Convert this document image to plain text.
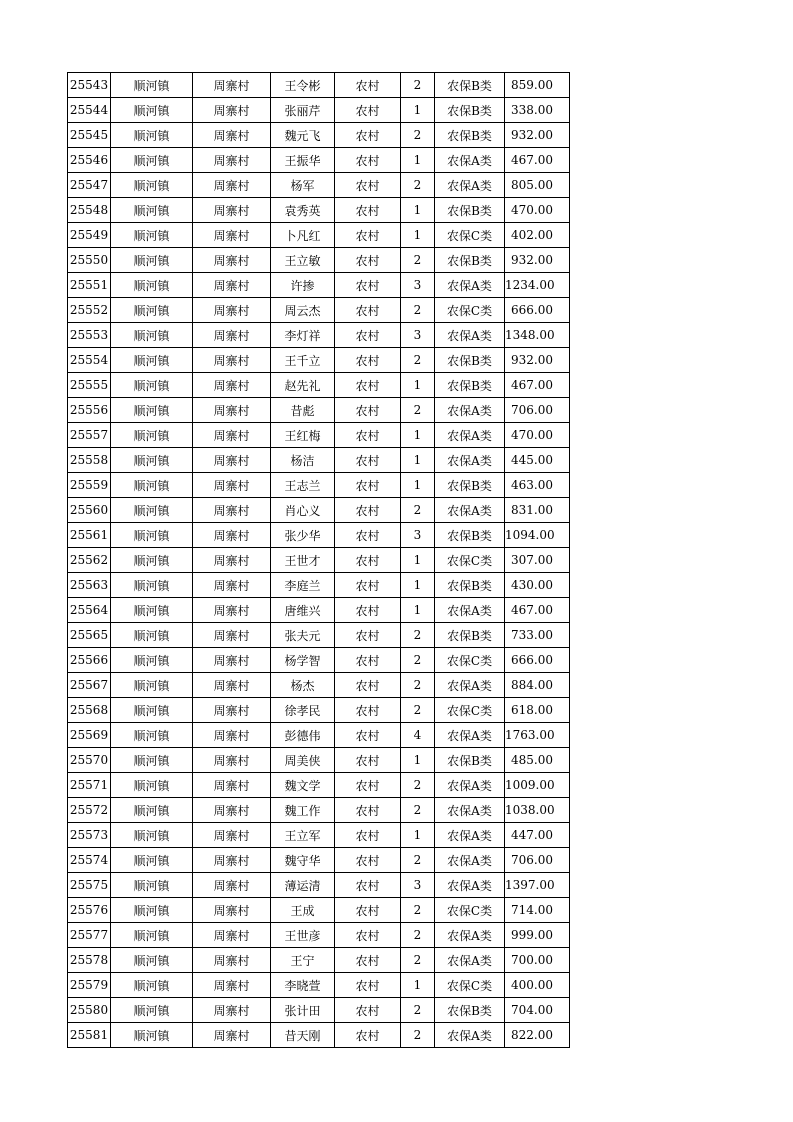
25543	顺河镇	周寨村	王令彬	农村	2	农保B类	859.00
25544	顺河镇	周寨村	张丽芹	农村	1	农保B类	338.00
25545	顺河镇	周寨村	魏元飞	农村	2	农保B类	932.00
25546	顺河镇	周寨村	王振华	农村	1	农保A类	467.00
25547	顺河镇	周寨村	杨军	农村	2	农保A类	805.00
25548	顺河镇	周寨村	袁秀英	农村	1	农保B类	470.00
25549	顺河镇	周寨村	卜凡红	农村	1	农保C类	402.00
25550	顺河镇	周寨村	王立敏	农村	2	农保B类	932.00
25551	顺河镇	周寨村	许掺	农村	3	农保A类	1234.00
25552	顺河镇	周寨村	周云杰	农村	2	农保C类	666.00
25553	顺河镇	周寨村	李灯祥	农村	3	农保A类	1348.00
25554	顺河镇	周寨村	王千立	农村	2	农保B类	932.00
25555	顺河镇	周寨村	赵先礼	农村	1	农保B类	467.00
25556	顺河镇	周寨村	昔彪	农村	2	农保A类	706.00
25557	顺河镇	周寨村	王红梅	农村	1	农保A类	470.00
25558	顺河镇	周寨村	杨洁	农村	1	农保A类	445.00
25559	顺河镇	周寨村	王志兰	农村	1	农保B类	463.00
25560	顺河镇	周寨村	肖心义	农村	2	农保A类	831.00
25561	顺河镇	周寨村	张少华	农村	3	农保B类	1094.00
25562	顺河镇	周寨村	王世才	农村	1	农保C类	307.00
25563	顺河镇	周寨村	李庭兰	农村	1	农保B类	430.00
25564	顺河镇	周寨村	唐维兴	农村	1	农保A类	467.00
25565	顺河镇	周寨村	张夫元	农村	2	农保B类	733.00
25566	顺河镇	周寨村	杨学智	农村	2	农保C类	666.00
25567	顺河镇	周寨村	杨杰	农村	2	农保A类	884.00
25568	顺河镇	周寨村	徐孝民	农村	2	农保C类	618.00
25569	顺河镇	周寨村	彭德伟	农村	4	农保A类	1763.00
25570	顺河镇	周寨村	周美侠	农村	1	农保B类	485.00
25571	顺河镇	周寨村	魏文学	农村	2	农保A类	1009.00
25572	顺河镇	周寨村	魏工作	农村	2	农保A类	1038.00
25573	顺河镇	周寨村	王立军	农村	1	农保A类	447.00
25574	顺河镇	周寨村	魏守华	农村	2	农保A类	706.00
25575	顺河镇	周寨村	薄运清	农村	3	农保A类	1397.00
25576	顺河镇	周寨村	王成	农村	2	农保C类	714.00
25577	顺河镇	周寨村	王世彦	农村	2	农保A类	999.00
25578	顺河镇	周寨村	王宁	农村	2	农保A类	700.00
25579	顺河镇	周寨村	李晓萱	农村	1	农保C类	400.00
25580	顺河镇	周寨村	张计田	农村	2	农保B类	704.00
25581	顺河镇	周寨村	昔天刚	农村	2	农保A类	822.00
